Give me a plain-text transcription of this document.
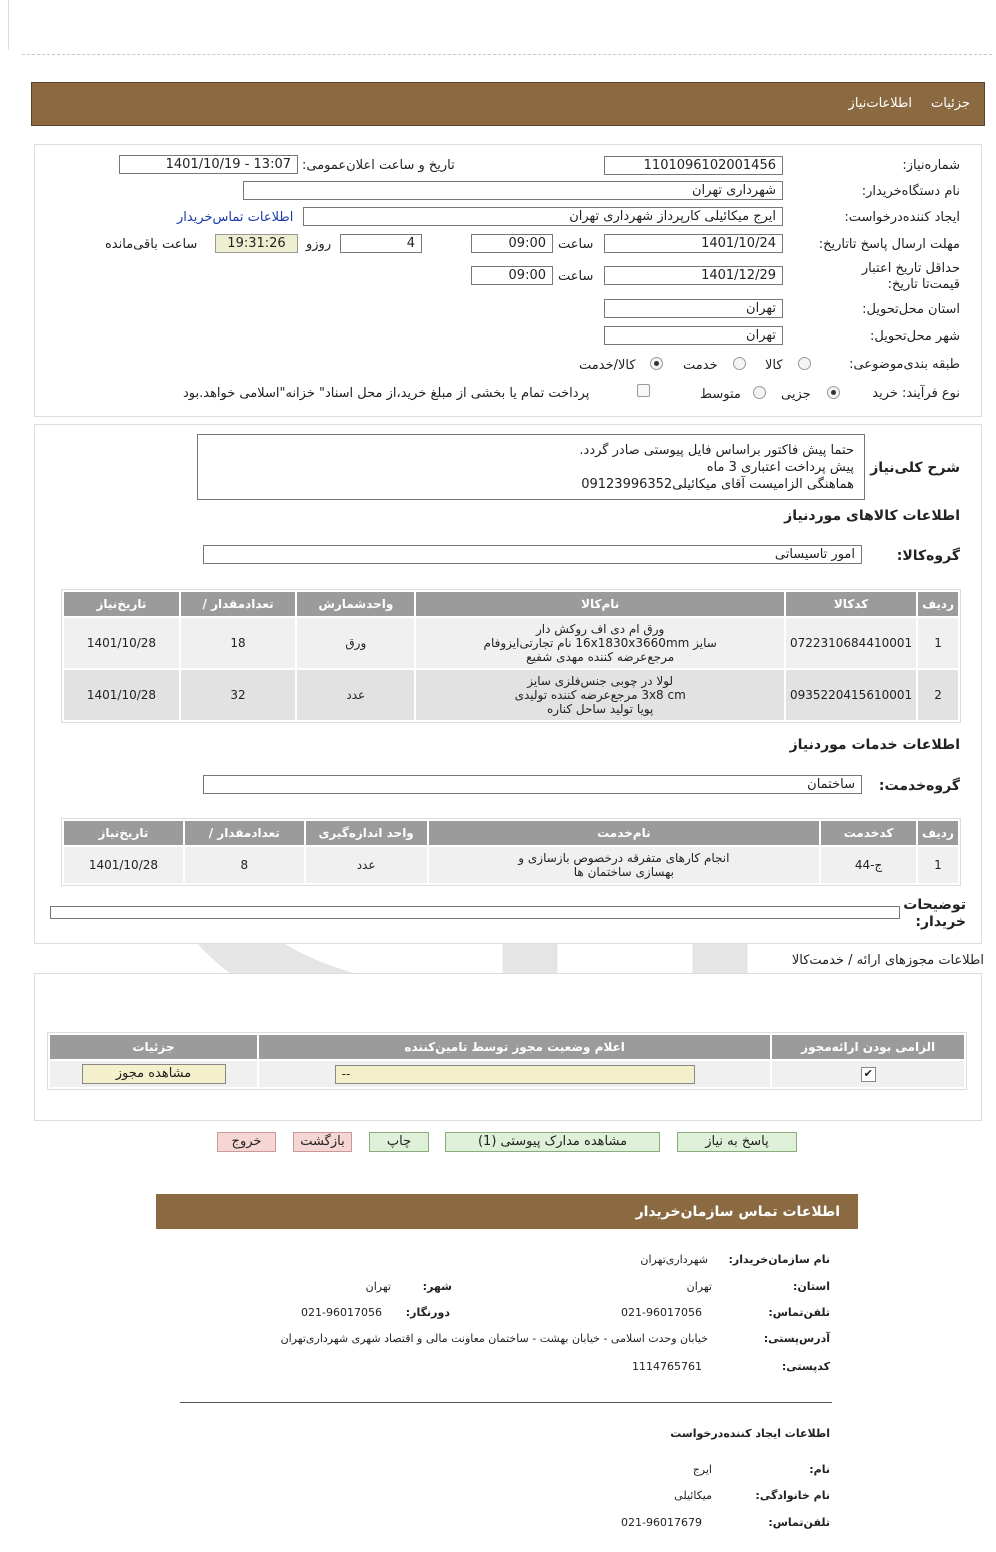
جزئیات
اطلاعات‌نیاز
شماره‌نیاز:
1101096102001456
تاریخ و ساعت اعلان‌عمومی:
1401/10/19 - 13:07
نام دستگاه‌خریدار:
شهرداری تهران
ایجاد کننده‌درخواست:
ایرج میکائیلی کارپرداز شهرداری تهران
اطلاعات تماس‌خریدار
مهلت ارسال پاسخ تا‌تاریخ:
1401/10/24
ساعت
09:00
4
روزو
19:31:26
ساعت باقی‌مانده
حداقل تاریخ اعتبار قیمت‌تا تاریخ:
1401/12/29
ساعت
09:00
استان محل‌تحویل:
تهران
شهر محل‌تحویل:
تهران
طبقه بندی‌موضوعی:
کالا
خدمت
کالا/خدمت
نوع فرآیند: خرید
جزیی
متوسط
پرداخت تمام یا بخشی از مبلغ خرید،از محل اسناد" خزانه"اسلامی خواهد.بود
شرح کلی‌نیاز
حتما پیش فاکتور براساس فایل پیوستی صادر گردد.
پیش پرداخت اعتباری 3 ماه
هماهنگی الزامیست آقای میکائیلی09123996352
اطلاعات کالاهای موردنیاز
گروه‌کالا:
امور تاسیساتی
ردیف	کدکالا	نام‌کالا	واحدشمارش	تعداد‌مقدار /	تاریخ‌نیاز
1	0722310684410001	ورق ام دی اف روکش دار
سایز 16x1830x3660mm نام تجارتی‌ایزوفام
مرجع‌عرضه کننده مهدی شفیع	ورق	18	1401/10/28
2	0935220415610001	لولا در چوبی جنس‌فلزی سایز
3x8 cm مرجع‌عرضه کننده تولیدی
پویا تولید ساحل کناره	عدد	32	1401/10/28
اطلاعات خدمات موردنیاز
گروه‌خدمت:
ساختمان
ردیف	کدخدمت	نام‌خدمت	واحد اندازه‌گیری	تعداد‌مقدار /	تاریخ‌نیاز
1	ج-44	انجام کارهای متفرقه درخصوص بازسازی و
بهسازی ساختمان ها	عدد	8	1401/10/28
توضیحات خریدار:
اطلاعات مجوزهای ارائه / خدمت‌کالا
الزامی بودن ارائه‌مجوز	اعلام وضعیت مجوز توسط تامین‌کننده	جزئیات
✔	--	مشاهده مجوز
پاسخ به نیاز
مشاهده مدارک پیوستی (1)
چاپ
بازگشت
خروج
اطلاعات تماس سازمان‌خریدار
نام سازمان‌خریدار:
شهرداری‌تهران
استان:
تهران
شهر:
تهران
تلفن‌تماس:
021-96017056
دورنگار:
021-96017056
آدرس‌پستی:
خیابان وحدت اسلامی - خیابان بهشت - ساختمان معاونت مالی و اقتصاد شهری شهرداری‌تهران
کدپستی:
1114765761
اطلاعات ایجاد کننده‌درخواست
نام:
ایرج
نام خانوادگی:
میکائیلی
تلفن‌تماس:
021-96017679
